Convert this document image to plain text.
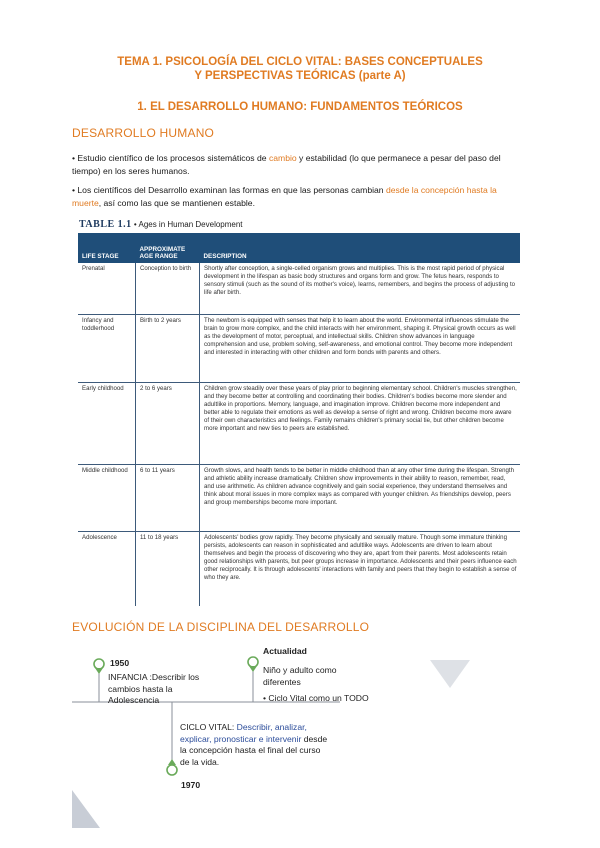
TEMA 1. PSICOLOGÍA DEL CICLO VITAL: BASES CONCEPTUALES
Y PERSPECTIVAS TEÓRICAS (parte A)
1. EL DESARROLLO HUMANO: FUNDAMENTOS TEÓRICOS
DESARROLLO HUMANO
• Estudio científico de los procesos sistemáticos de cambio y estabilidad (lo que permanece a pesar del paso del tiempo) en los seres humanos.
• Los científicos del Desarrollo examinan las formas en que las personas cambian desde la concepción hasta la muerte, así como las que se mantienen estable.
TABLE 1.1 • Ages in Human Development
LIFE STAGE	APPROXIMATE AGE RANGE	DESCRIPTION
Prenatal	Conception to birth	Shortly after conception, a single-celled organism grows and multiplies. This is the most rapid period of physical development in the lifespan as basic body structures and organs form and grow. The fetus hears, responds to sensory stimuli (such as the sound of its mother's voice), learns, remembers, and begins the process of adjusting to life after birth.
Infancy and toddlerhood	Birth to 2 years	The newborn is equipped with senses that help it to learn about the world. Environmental influences stimulate the brain to grow more complex, and the child interacts with her environment, shaping it. Physical growth occurs as well as the development of motor, perceptual, and intellectual skills. Children show advances in language comprehension and use, problem solving, self-awareness, and emotional control. They become more independent and interested in interacting with other children and form bonds with parents and others.
Early childhood	2 to 6 years	Children grow steadily over these years of play prior to beginning elementary school. Children's muscles strengthen, and they become better at controlling and coordinating their bodies. Children's bodies become more slender and adultlike in proportions. Memory, language, and imagination improve. Children become more independent and better able to regulate their emotions as well as develop a sense of right and wrong. Children become more aware of their own characteristics and feelings. Family remains children's primary social tie, but other children become more important and new ties to peers are established.
Middle childhood	6 to 11 years	Growth slows, and health tends to be better in middle childhood than at any other time during the lifespan. Strength and athletic ability increase dramatically. Children show improvements in their ability to reason, remember, read, and use arithmetic. As children advance cognitively and gain social experience, they understand themselves and think about moral issues in more complex ways as compared with younger children. As friendships develop, peers and group memberships become more important.
Adolescence	11 to 18 years	Adolescents' bodies grow rapidly. They become physically and sexually mature. Though some immature thinking persists, adolescents can reason in sophisticated and adultlike ways. Adolescents are driven to learn about themselves and begin the process of discovering who they are, apart from their parents. Most adolescents retain good relationships with parents, but peer groups increase in importance. Adolescents and their peers influence each other reciprocally. It is through adolescents' interactions with family and peers that they begin to establish a sense of who they are.
EVOLUCIÓN DE LA DISCIPLINA DEL DESARROLLO
1950
INFANCIA :Describir los cambios hasta la Adolescencia
Actualidad
Niño y adulto como diferentes
• Ciclo Vital como un TODO
CICLO VITAL: Describir, analizar, explicar, pronosticar e intervenir desde la concepción hasta el final del curso de la vida.
1970
